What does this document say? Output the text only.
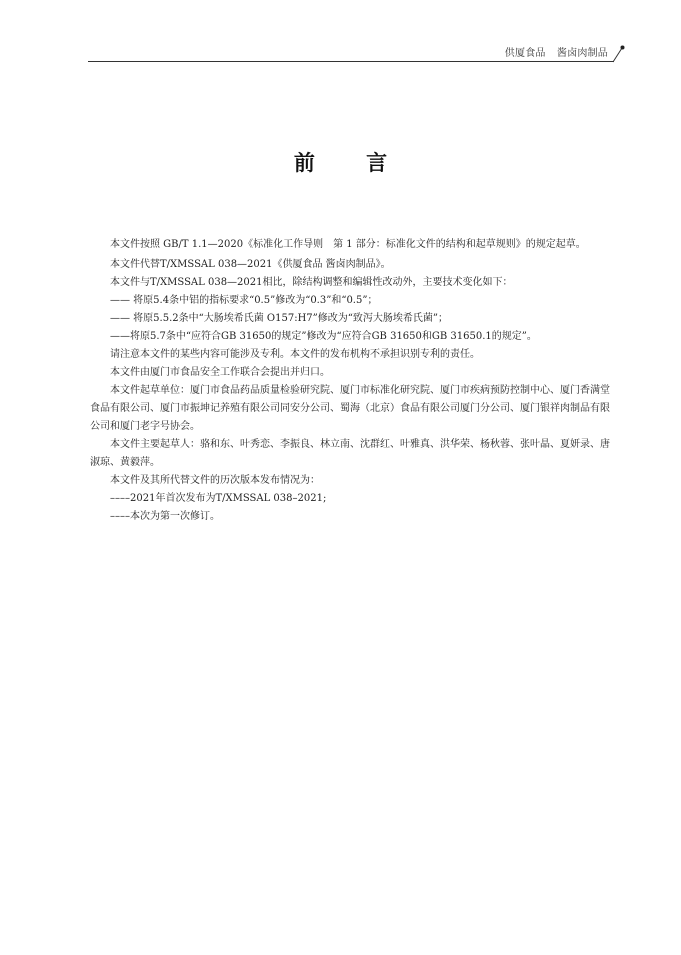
供厦食品 酱卤肉制品
前 言

本文件按照 GB/T 1.1—2020《标准化工作导则　第 1 部分：标准化文件的结构和起草规则》的规定起草。

本文件代替T/XMSSAL 038—2021《供厦食品 酱卤肉制品》。

本文件与T/XMSSAL 038—2021相比，除结构调整和编辑性改动外，主要技术变化如下：

—— 将原5.4条中铝的指标要求“0.5”修改为“0.3”和“0.5”；

—— 将原5.5.2条中“大肠埃希氏菌 O157:H7”修改为“致泻大肠埃希氏菌”；

——将原5.7条中“应符合GB 31650的规定”修改为“应符合GB 31650和GB 31650.1的规定”。

请注意本文件的某些内容可能涉及专利。本文件的发布机构不承担识别专利的责任。

本文件由厦门市食品安全工作联合会提出并归口。

本文件起草单位：厦门市食品药品质量检验研究院、厦门市标准化研究院、厦门市疾病预防控制中心、厦门香满堂食品有限公司、厦门市振坤记养殖有限公司同安分公司、蜀海（北京）食品有限公司厦门分公司、厦门银祥肉制品有限公司和厦门老字号协会。

本文件主要起草人：骆和东、叶秀恋、李振良、林立南、沈群红、叶雅真、洪华荣、杨秋蓉、张叶晶、夏妍录、唐淑琼、黄毅萍。

本文件及其所代替文件的历次版本发布情况为：

––––2021年首次发布为T/XMSSAL 038–2021;

––––本次为第一次修订。
